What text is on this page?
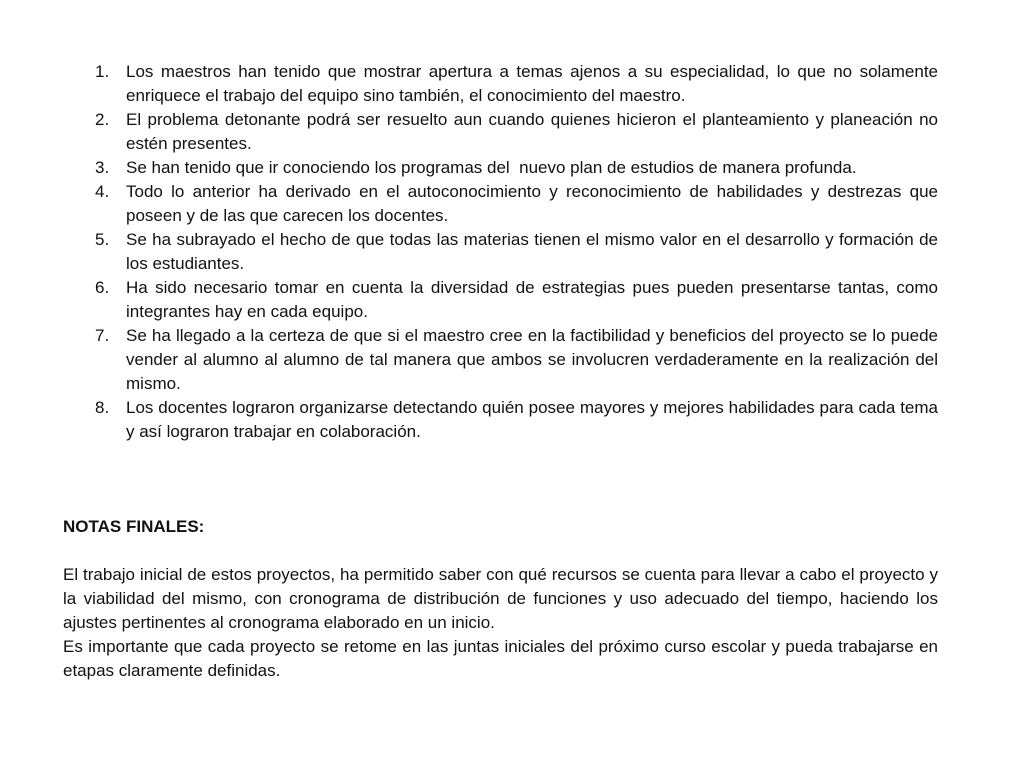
1. Los maestros han tenido que mostrar apertura a temas ajenos a su especialidad, lo que no solamente enriquece el trabajo del equipo sino también, el conocimiento del maestro.
2. El problema detonante podrá ser resuelto aun cuando quienes hicieron el planteamiento y planeación no estén presentes.
3. Se han tenido que ir conociendo los programas del  nuevo plan de estudios de manera profunda.
4. Todo lo anterior ha derivado en el autoconocimiento y reconocimiento de habilidades y destrezas que poseen y de las que carecen los docentes.
5. Se ha subrayado el hecho de que todas las materias tienen el mismo valor en el desarrollo y formación de los estudiantes.
6. Ha sido necesario tomar en cuenta la diversidad de estrategias pues pueden presentarse tantas, como integrantes hay en cada equipo.
7. Se ha llegado a la certeza de que si el maestro cree en la factibilidad y beneficios del proyecto se lo puede vender al alumno al alumno de tal manera que ambos se involucren verdaderamente en la realización del mismo.
8. Los docentes lograron organizarse detectando quién posee mayores y mejores habilidades para cada tema y así lograron trabajar en colaboración.

NOTAS FINALES:

El trabajo inicial de estos proyectos, ha permitido saber con qué recursos se cuenta para llevar a cabo el proyecto y la viabilidad del mismo, con cronograma de distribución de funciones y uso adecuado del tiempo, haciendo los  ajustes pertinentes al cronograma elaborado en un inicio.

Es importante que cada proyecto se retome en las juntas iniciales del próximo curso escolar y pueda trabajarse en etapas claramente definidas.
